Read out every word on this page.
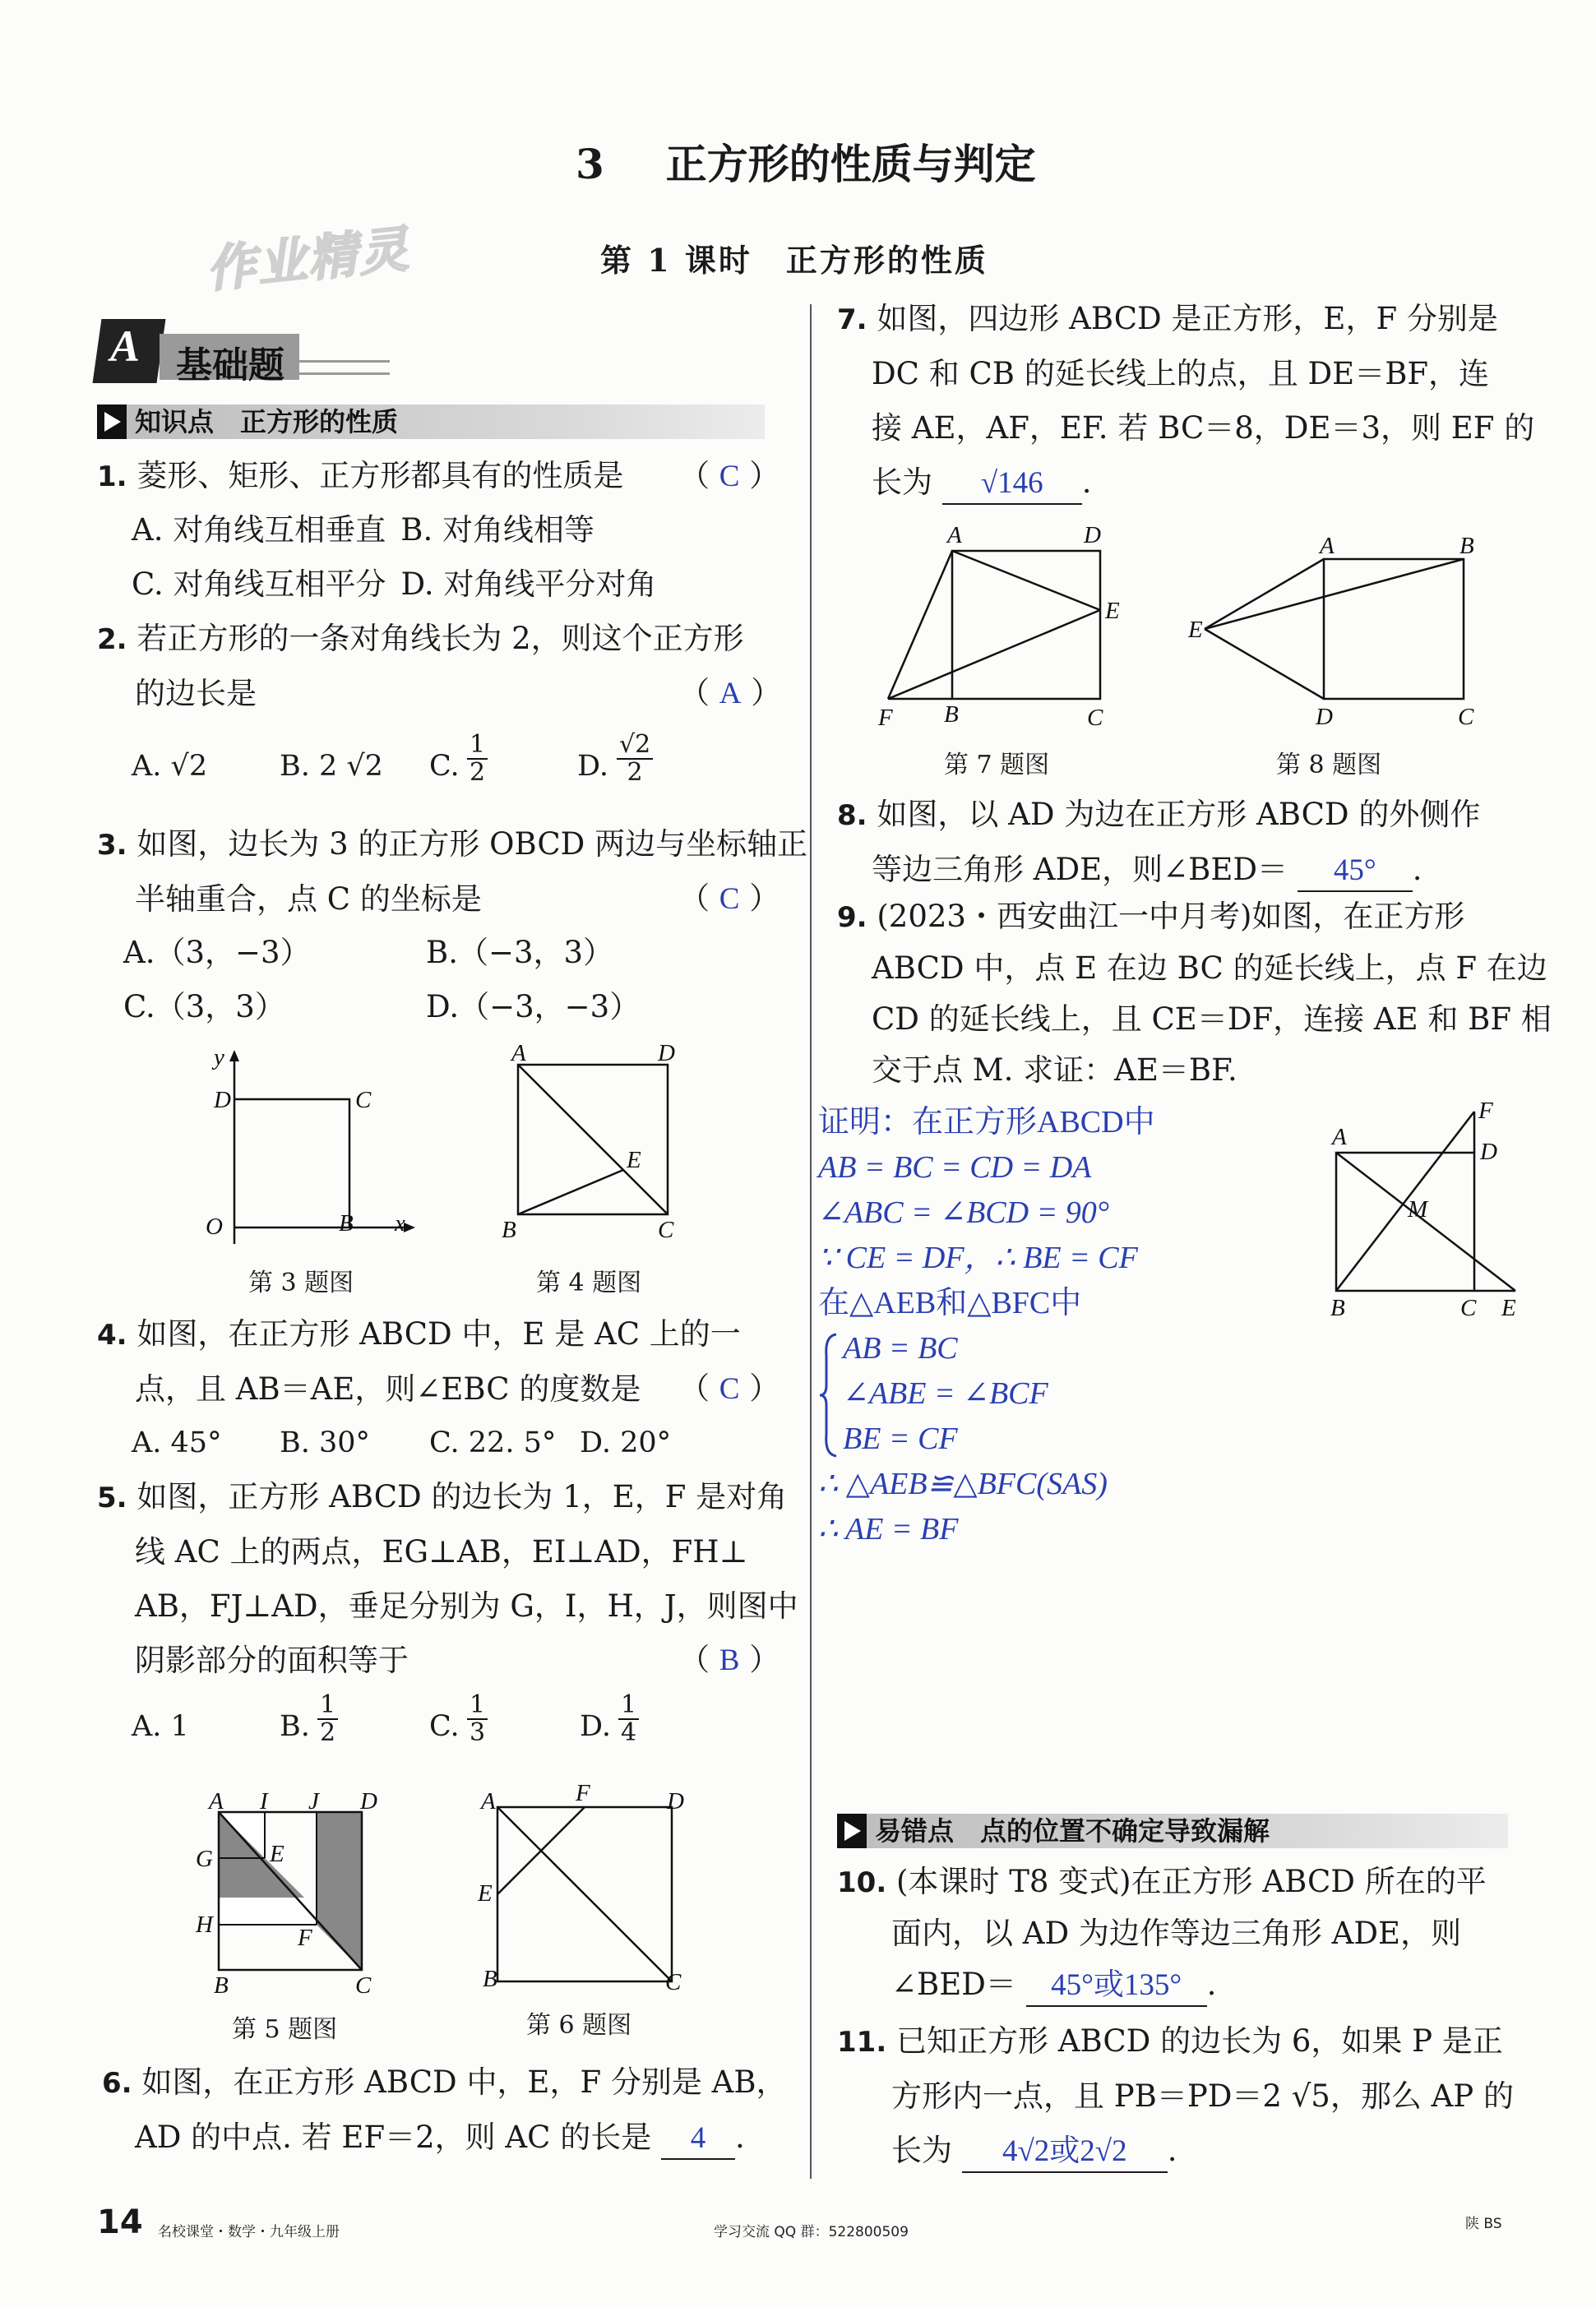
3 正方形的性质与判定
作业精灵	第 1 课时　正方形的性质
A 基础题
知识点　正方形的性质
1. 菱形、矩形、正方形都具有的性质是 （ C ）
A. 对角线互相垂直 B. 对角线相等
C. 对角线互相平分 D. 对角线平分对角
2. 若正方形的一条对角线长为 2，则这个正方形
的边长是	（ A ）
A. √2	B. 2 √2 C. $\frac{1}{2}$	D. $\frac{√2}{2}$
3. 如图，边长为 3 的正方形 OBCD 两边与坐标轴正
半轴重合，点 C 的坐标是	（ C ）
A.（3，−3）	B.（−3，3）
C.（3，3）	D.（−3，−3）
y
D	C
O	B x
第 3 题图
A	D
E
B	C
第 4 题图
4. 如图，在正方形 ABCD 中，E 是 AC 上的一
点，且 AB＝AE，则∠EBC 的度数是	（ C ）
A. 45° B. 30° C. 22. 5° D. 20°
5. 如图，正方形 ABCD 的边长为 1，E，F 是对角
线 AC 上的两点，EG⊥AB，EI⊥AD，FH⊥
AB，FJ⊥AD，垂足分别为 G，I，H，J，则图中
阴影部分的面积等于	（ B ）
A. 1	B. $\frac{1}{2}$	C. $\frac{1}{3}$	D. $\frac{1}{4}$
A I J D
G E
H	F
B	C
第 5 题图
A	F	D
E
B	C
第 6 题图
6. 如图，在正方形 ABCD 中，E，F 分别是 AB，
AD 的中点. 若 EF＝2，则 AC 的长是 4 .
7. 如图，四边形 ABCD 是正方形，E，F 分别是
DC 和 CB 的延长线上的点，且 DE＝BF，连
接 AE，AF，EF. 若 BC＝8，DE＝3，则 EF 的
长为 √146 .
A	D
E
F B	C
第 7 题图
A	B
E
D	C
第 8 题图
8. 如图，以 AD 为边在正方形 ABCD 的外侧作
等边三角形 ADE，则∠BED＝ 45° .
9. (2023・西安曲江一中月考)如图，在正方形
ABCD 中，点 E 在边 BC 的延长线上，点 F 在边
CD 的延长线上，且 CE＝DF，连接 AE 和 BF 相
交于点 M. 求证：AE＝BF.
证明：在正方形ABCD中
AB = BC = CD = DA
∠ABC = ∠BCD = 90°
∵ CE = DF，∴ BE = CF
在△AEB和△BFC中
AB = BC
∠ABE = ∠BCF
BE = CF
∴ △AEB≌△BFC(SAS)
∴ AE = BF
F
A
D
M
B	C E
易错点　点的位置不确定导致漏解
10. (本课时 T8 变式)在正方形 ABCD 所在的平
面内，以 AD 为边作等边三角形 ADE，则
∠BED＝ 45°或135° .
11. 已知正方形 ABCD 的边长为 6，如果 P 是正
方形内一点，且 PB＝PD＝2 √5，那么 AP 的
长为 4√2或2√2 .
14 名校课堂・数学・九年级上册	学习交流 QQ 群：522800509	陕 BS
